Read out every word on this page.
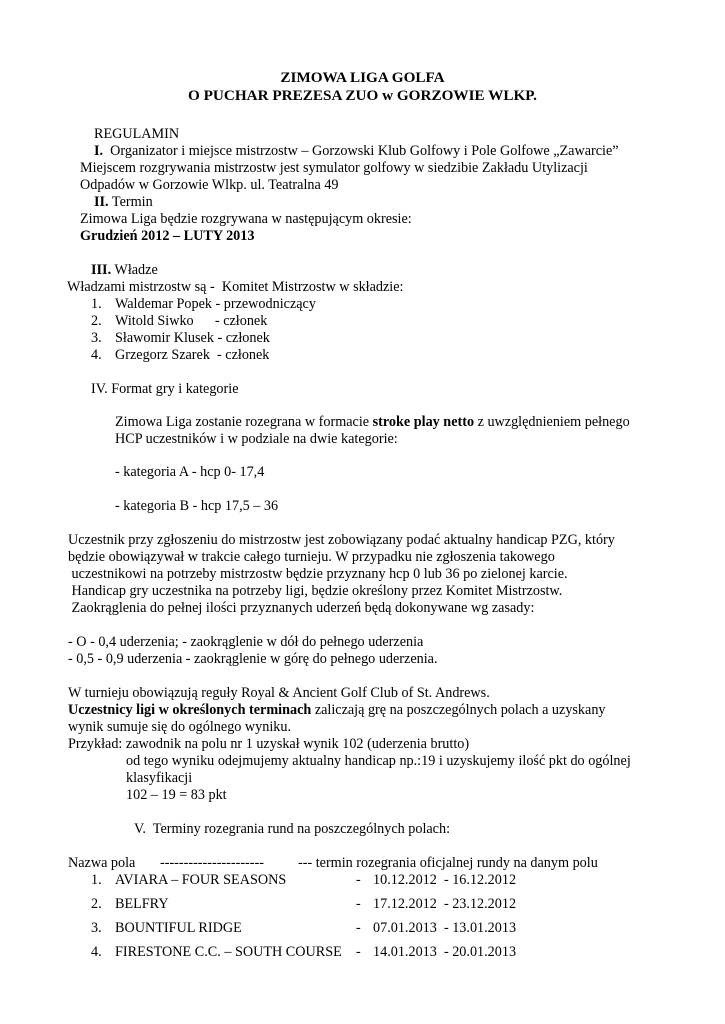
ZIMOWA LIGA GOLFA
O PUCHAR PREZESA ZUO w GORZOWIE WLKP.
REGULAMIN
I. Organizator i miejsce mistrzostw – Gorzowski Klub Golfowy i Pole Golfowe „Zawarcie”
Miejscem rozgrywania mistrzostw jest symulator golfowy w siedzibie Zakładu Utylizacji
Odpadów w Gorzowie Wlkp. ul. Teatralna 49
II. Termin
Zimowa Liga będzie rozgrywana w następującym okresie:
Grudzień 2012 – LUTY 2013
III. Władze
Władzami mistrzostw są -  Komitet Mistrzostw w składzie:
1. Waldemar Popek - przewodniczący
2. Witold Siwko      - członek
3. Sławomir Klusek - członek
4. Grzegorz Szarek  - członek
IV. Format gry i kategorie
Zimowa Liga zostanie rozegrana w formacie stroke play netto z uwzględnieniem pełnego
HCP uczestników i w podziale na dwie kategorie:
- kategoria A - hcp 0- 17,4
- kategoria B - hcp 17,5 – 36
Uczestnik przy zgłoszeniu do mistrzostw jest zobowiązany podać aktualny handicap PZG, który
będzie obowiązywał w trakcie całego turnieju. W przypadku nie zgłoszenia takowego
uczestnikowi na potrzeby mistrzostw będzie przyznany hcp 0 lub 36 po zielonej karcie.
Handicap gry uczestnika na potrzeby ligi, będzie określony przez Komitet Mistrzostw.
Zaokrąglenia do pełnej ilości przyznanych uderzeń będą dokonywane wg zasady:
- O - 0,4 uderzenia; - zaokrąglenie w dół do pełnego uderzenia
- 0,5 - 0,9 uderzenia - zaokrąglenie w górę do pełnego uderzenia.
W turnieju obowiązują reguły Royal & Ancient Golf Club of St. Andrews.
Uczestnicy ligi w określonych terminach zaliczają grę na poszczególnych polach a uzyskany
wynik sumuje się do ogólnego wyniku.
Przykład: zawodnik na polu nr 1 uzyskał wynik 102 (uderzenia brutto)
od tego wyniku odejmujemy aktualny handicap np.:19 i uzyskujemy ilość pkt do ogólnej
klasyfikacji
102 – 19 = 83 pkt
V.  Terminy rozegrania rund na poszczególnych polach:
Nazwa pola ---------------------- --- termin rozegrania oficjalnej rundy na danym polu
1. AVIARA – FOUR SEASONS	- 10.12.2012  - 16.12.2012
2. BELFRY	- 17.12.2012  - 23.12.2012
3. BOUNTIFUL RIDGE	- 07.01.2013  - 13.01.2013
4. FIRESTONE C.C. – SOUTH COURSE - 14.01.2013  - 20.01.2013
